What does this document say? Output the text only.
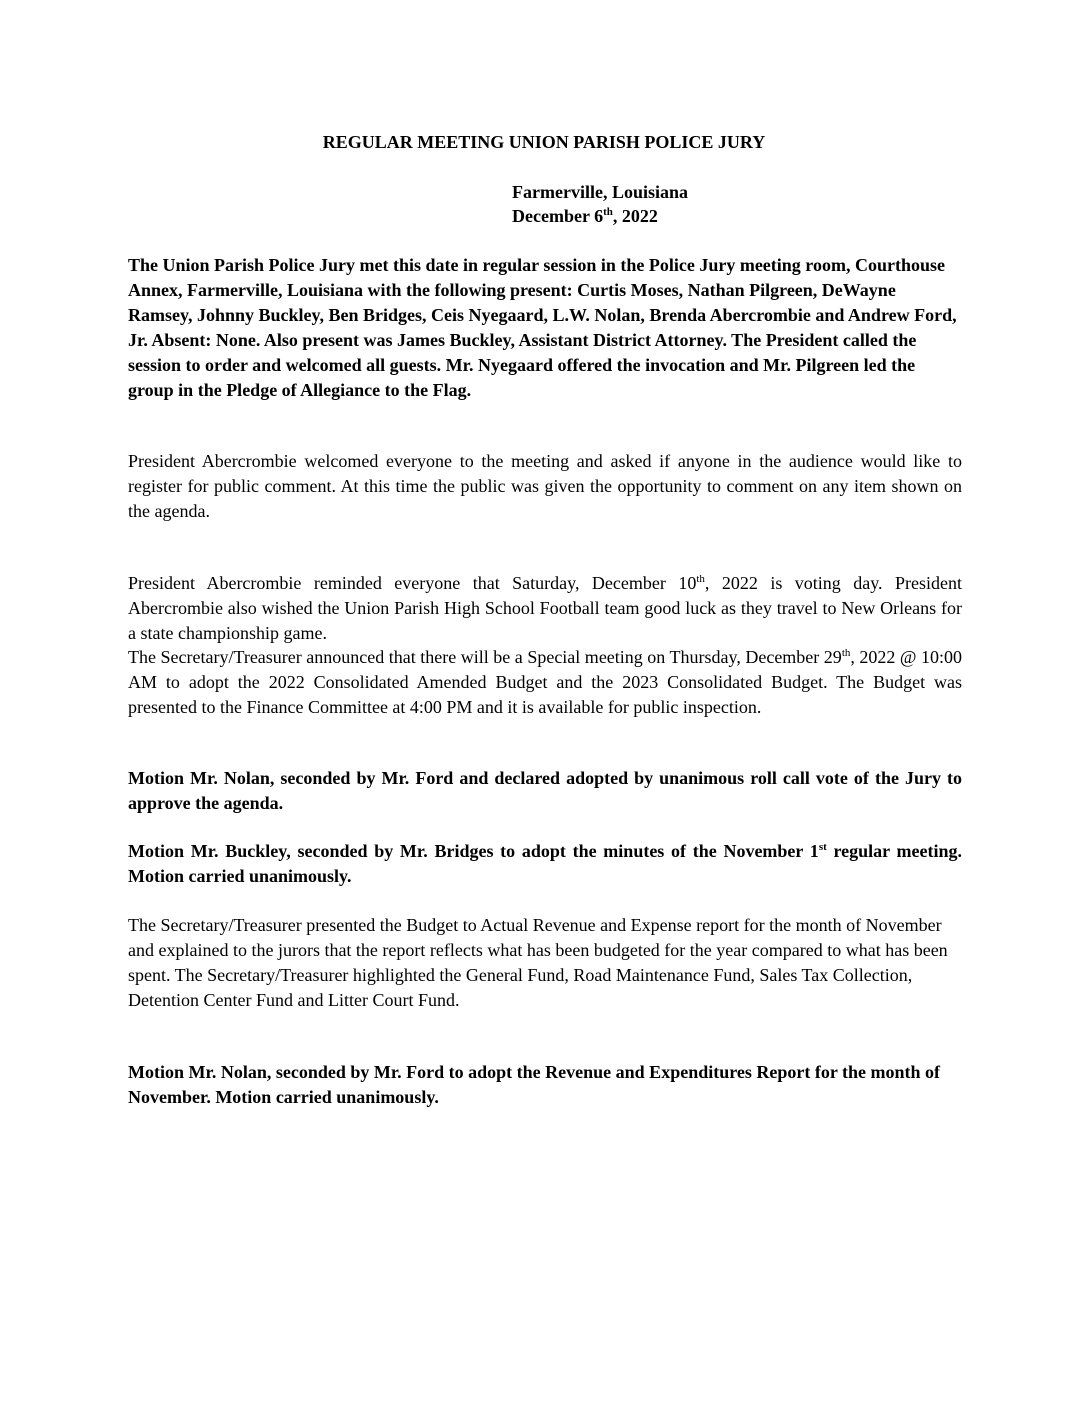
REGULAR MEETING UNION PARISH POLICE JURY
Farmerville, Louisiana
December 6th, 2022

The Union Parish Police Jury met this date in regular session in the Police Jury meeting room, Courthouse Annex, Farmerville, Louisiana with the following present: Curtis Moses, Nathan Pilgreen, DeWayne Ramsey, Johnny Buckley, Ben Bridges, Ceis Nyegaard, L.W. Nolan, Brenda Abercrombie and Andrew Ford, Jr. Absent: None. Also present was James Buckley, Assistant District Attorney. The President called the session to order and welcomed all guests. Mr. Nyegaard offered the invocation and Mr. Pilgreen led the group in the Pledge of Allegiance to the Flag.

President Abercrombie welcomed everyone to the meeting and asked if anyone in the audience would like to register for public comment. At this time the public was given the opportunity to comment on any item shown on the agenda.

President Abercrombie reminded everyone that Saturday, December 10th, 2022 is voting day. President Abercrombie also wished the Union Parish High School Football team good luck as they travel to New Orleans for a state championship game.

The Secretary/Treasurer announced that there will be a Special meeting on Thursday, December 29th, 2022 @ 10:00 AM to adopt the 2022 Consolidated Amended Budget and the 2023 Consolidated Budget. The Budget was presented to the Finance Committee at 4:00 PM and it is available for public inspection.

Motion Mr. Nolan, seconded by Mr. Ford and declared adopted by unanimous roll call vote of the Jury to approve the agenda.

Motion Mr. Buckley, seconded by Mr. Bridges to adopt the minutes of the November 1st regular meeting. Motion carried unanimously.

The Secretary/Treasurer presented the Budget to Actual Revenue and Expense report for the month of November and explained to the jurors that the report reflects what has been budgeted for the year compared to what has been spent. The Secretary/Treasurer highlighted the General Fund, Road Maintenance Fund, Sales Tax Collection, Detention Center Fund and Litter Court Fund.

Motion Mr. Nolan, seconded by Mr. Ford to adopt the Revenue and Expenditures Report for the month of November. Motion carried unanimously.
